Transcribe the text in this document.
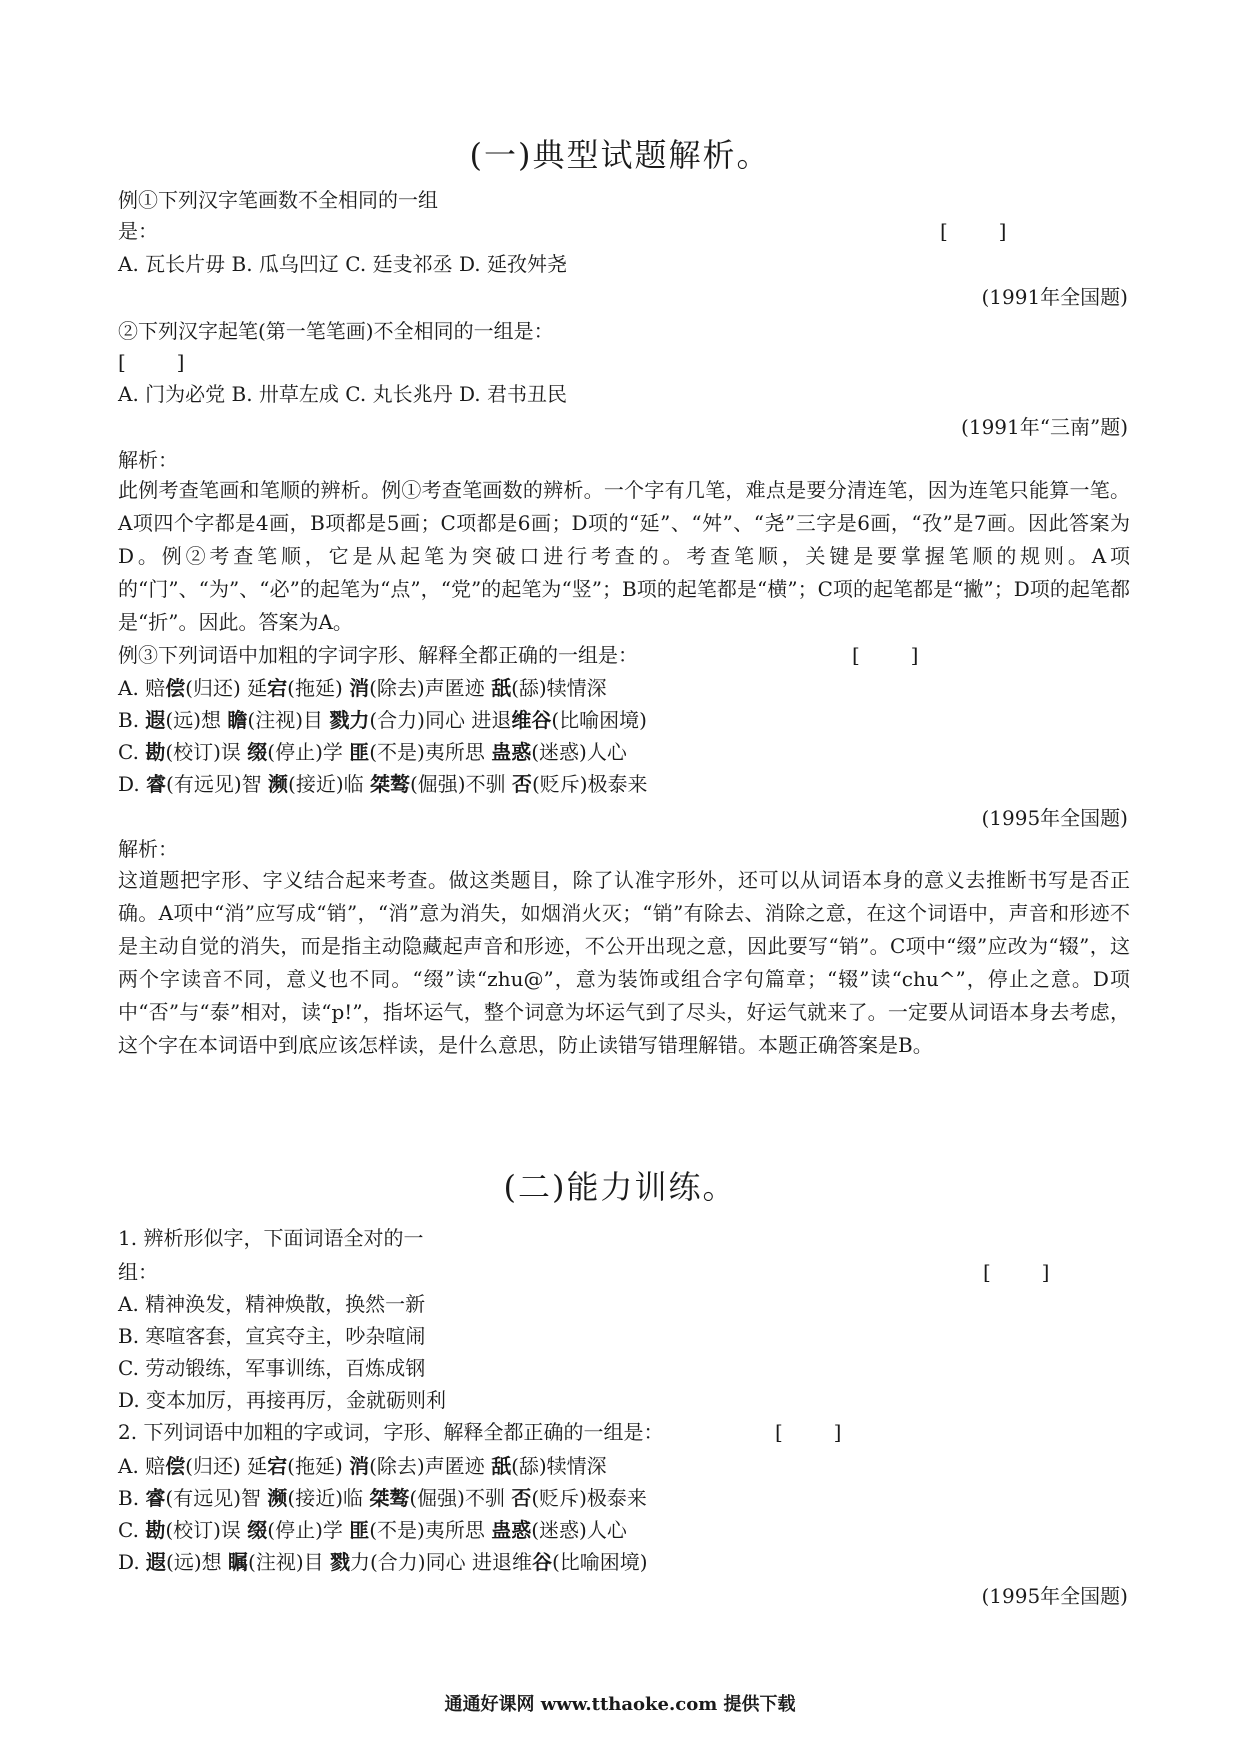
(一)典型试题解析。
例①下列汉字笔画数不全相同的一组
是：	[        ]
A. 瓦长片毋 B. 瓜乌凹辽 C. 廷叏祁丞 D. 延孜舛尧
(1991年全国题)
②下列汉字起笔(第一笔笔画)不全相同的一组是：
[        ]
A. 门为必党 B. 卅草左成 C. 丸长兆丹 D. 君书丑民
(1991年“三南”题)
解析：
此例考查笔画和笔顺的辨析。例①考查笔画数的辨析。一个字有几笔，难点是要分清连笔，因为连笔只能算一笔。A项四个字都是4画，B项都是5画；C项都是6画；D项的“延”、“舛”、“尧”三字是6画，“孜”是7画。因此答案为D。例②考查笔顺，它是从起笔为突破口进行考查的。考查笔顺，关键是要掌握笔顺的规则。A项的“门”、“为”、“必”的起笔为“点”，“党”的起笔为“竖”；B项的起笔都是“横”；C项的起笔都是“撇”；D项的起笔都是“折”。因此。答案为A。
例③下列词语中加粗的字词字形、解释全都正确的一组是：	[        ]
A. 赔偿(归还) 延宕(拖延) 消(除去)声匿迹 舐(舔)犊情深
B. 遐(远)想 瞻(注视)目 戮力(合力)同心 进退维谷(比喻困境)
C. 勘(校订)误 缀(停止)学 匪(不是)夷所思 蛊惑(迷惑)人心
D. 睿(有远见)智 濒(接近)临 桀骜(倔强)不驯 否(贬斥)极泰来
(1995年全国题)
解析：
这道题把字形、字义结合起来考查。做这类题目，除了认准字形外，还可以从词语本身的意义去推断书写是否正确。A项中“消”应写成“销”，“消”意为消失，如烟消火灭；“销”有除去、消除之意，在这个词语中，声音和形迹不是主动自觉的消失，而是指主动隐藏起声音和形迹，不公开出现之意，因此要写“销”。C项中“缀”应改为“辍”，这两个字读音不同，意义也不同。“缀”读“zhu@”，意为装饰或组合字句篇章；“辍”读“chu^”，停止之意。D项中“否”与“泰”相对，读“p!”，指坏运气，整个词意为坏运气到了尽头，好运气就来了。一定要从词语本身去考虑，这个字在本词语中到底应该怎样读，是什么意思，防止读错写错理解错。本题正确答案是B。
(二)能力训练。
1. 辨析形似字，下面词语全对的一
组：	[        ]
A. 精神涣发，精神焕散，换然一新
B. 寒喧客套，宣宾夺主，吵杂喧闹
C. 劳动锻练，军事训练，百炼成钢
D. 变本加厉，再接再厉，金就砺则利
2. 下列词语中加粗的字或词，字形、解释全都正确的一组是：	[        ]
A. 赔偿(归还) 延宕(拖延) 消(除去)声匿迹 舐(舔)犊情深
B. 睿(有远见)智 濒(接近)临 桀骜(倔强)不驯 否(贬斥)极泰来
C. 勘(校订)误 缀(停止)学 匪(不是)夷所思 蛊惑(迷惑)人心
D. 遐(远)想 瞩(注视)目 戮力(合力)同心 进退维谷(比喻困境)
(1995年全国题)
通通好课网 www.tthaoke.com 提供下载
